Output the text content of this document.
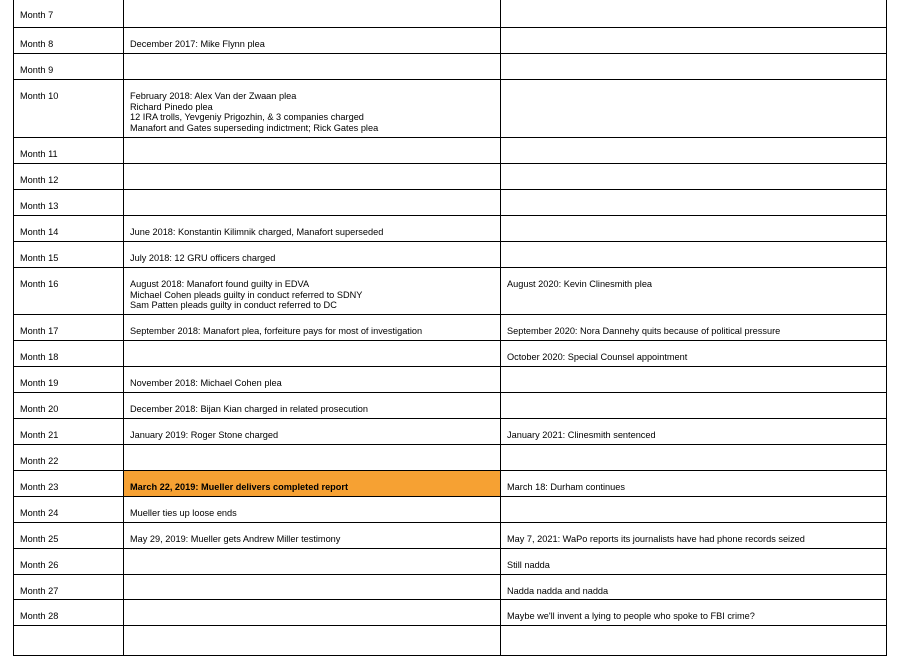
Month 7		
Month 8	December 2017: Mike Flynn plea	

Month 9		
Month 10	February 2018: Alex Van der Zwaan plea
Richard Pinedo plea
12 IRA trolls, Yevgeniy Prigozhin, & 3 companies charged
Manafort and Gates superseding indictment; Rick Gates plea	

Month 11		
Month 12		
Month 13		
Month 14	June 2018: Konstantin Kilimnik charged, Manafort superseded	

Month 15	July 2018: 12 GRU officers charged	

Month 16	August 2018: Manafort found guilty in EDVA
Michael Cohen pleads guilty in conduct referred to SDNY
Sam Patten pleads guilty in conduct referred to DC	August 2020: Kevin Clinesmith plea

Month 17	September 2018: Manafort plea, forfeiture pays for most of investigation	September 2020: Nora Dannehy quits because of political pressure

Month 18		October 2020: Special Counsel appointment

Month 19	November 2018: Michael Cohen plea	

Month 20	December 2018: Bijan Kian charged in related prosecution	

Month 21	January 2019: Roger Stone charged	January 2021: Clinesmith sentenced

Month 22		
Month 23	March 22, 2019: Mueller delivers completed report	March 18: Durham continues

Month 24	Mueller ties up loose ends	

Month 25	May 29, 2019: Mueller gets Andrew Miller testimony	May 7, 2021: WaPo reports its journalists have had phone records seized

Month 26		Still nadda

Month 27		Nadda nadda and nadda

Month 28		Maybe we'll invent a lying to people who spoke to FBI crime?
